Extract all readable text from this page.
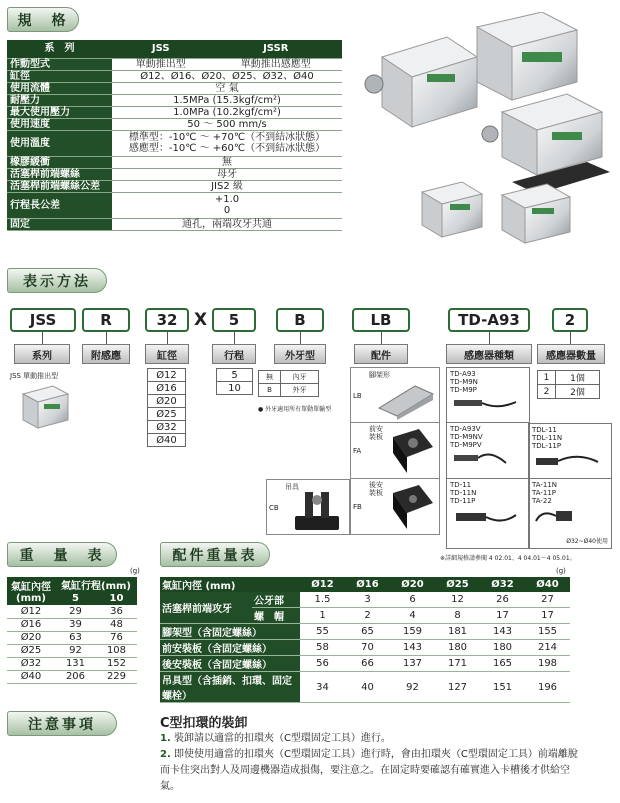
規　格
表示方法
重　量　表	配件重量表
注意事項
系　列	JSS	JSSR
作動型式	單動推出型	單動推出感應型
缸徑	Ø12、Ø16、Ø20、Ø25、Ø32、Ø40	
使用流體	空 氣	
耐壓力	1.5MPa (15.3kgf/cm²)	
最大使用壓力	1.0MPa (10.2kgf/cm²)	
使用速度	50 ～ 500 mm/s	
使用溫度	標準型：-10℃ ～ +70℃（不到結冰狀態）
感應型：-10℃ ～ +60℃（不到結冰狀態）	

橡膠緩衝	無	
活塞桿前端螺絲	母牙	
活塞桿前端螺絲公差	JIS2 級	
行程長公差	+1.0
0	

固定	通孔，兩端攻牙共通	
JSS	R	32 X	5	B	LB	TD-A93	2
系列	附感應	缸徑	行程	外牙型	配件	感應器種類	感應器數量
JSS 單動推出型	Ø12
Ø16
Ø20
Ø25
Ø32
Ø40
5
10
無	內牙
B	外牙
● 外牙適用所有單動單輸型
LB
腳架形
FA
前安裝板
FB
後安裝板
CB
吊具
TD-A93
TD-M9N
TD-M9P
TD-A93V
TD-M9NV
TD-M9PV
TD-11
TD-11N
TD-11P
TDL-11
TDL-11N
TDL-11P
TA-11N
TA-11P
TA-22
Ø32~Ø40使用
1	1個
2	2個
※詳細規格請參閱 4 02.01、4 04.01～4 05.01。
(g)	(g)
氣缸內徑
(mm)	氣缸行程(mm)	
	5	10
Ø12	29	36
Ø16	39	48
Ø20	63	76
Ø25	92	108
Ø32	131	152
Ø40	206	229
氣缸內徑 (mm)		Ø12	Ø16	Ø20	Ø25	Ø32	Ø40
活塞桿前端攻牙	公牙部	1.5	3	6	12	26	27
	螺　帽	1	2	4	8	17	17
腳架型（含固定螺絲）		55	65	159	181	143	155
前安裝板（含固定螺絲）		58	70	143	180	180	214
後安裝板（含固定螺絲）		56	66	137	171	165	198
吊具型（含插銷、扣環、固定螺栓）		34	40	92	127	151	196
C型扣環的裝卸
1. 裝卸請以適當的扣環夾（C型環固定工具）進行。
2. 即使使用適當的扣環夾（C型環固定工具）進行時，會由扣環夾（C型環固定工具）前端離脫而卡住突出對人及周邊機器造成損傷，要注意之。在固定時要確認有確實進入卡槽後才供給空氣。
